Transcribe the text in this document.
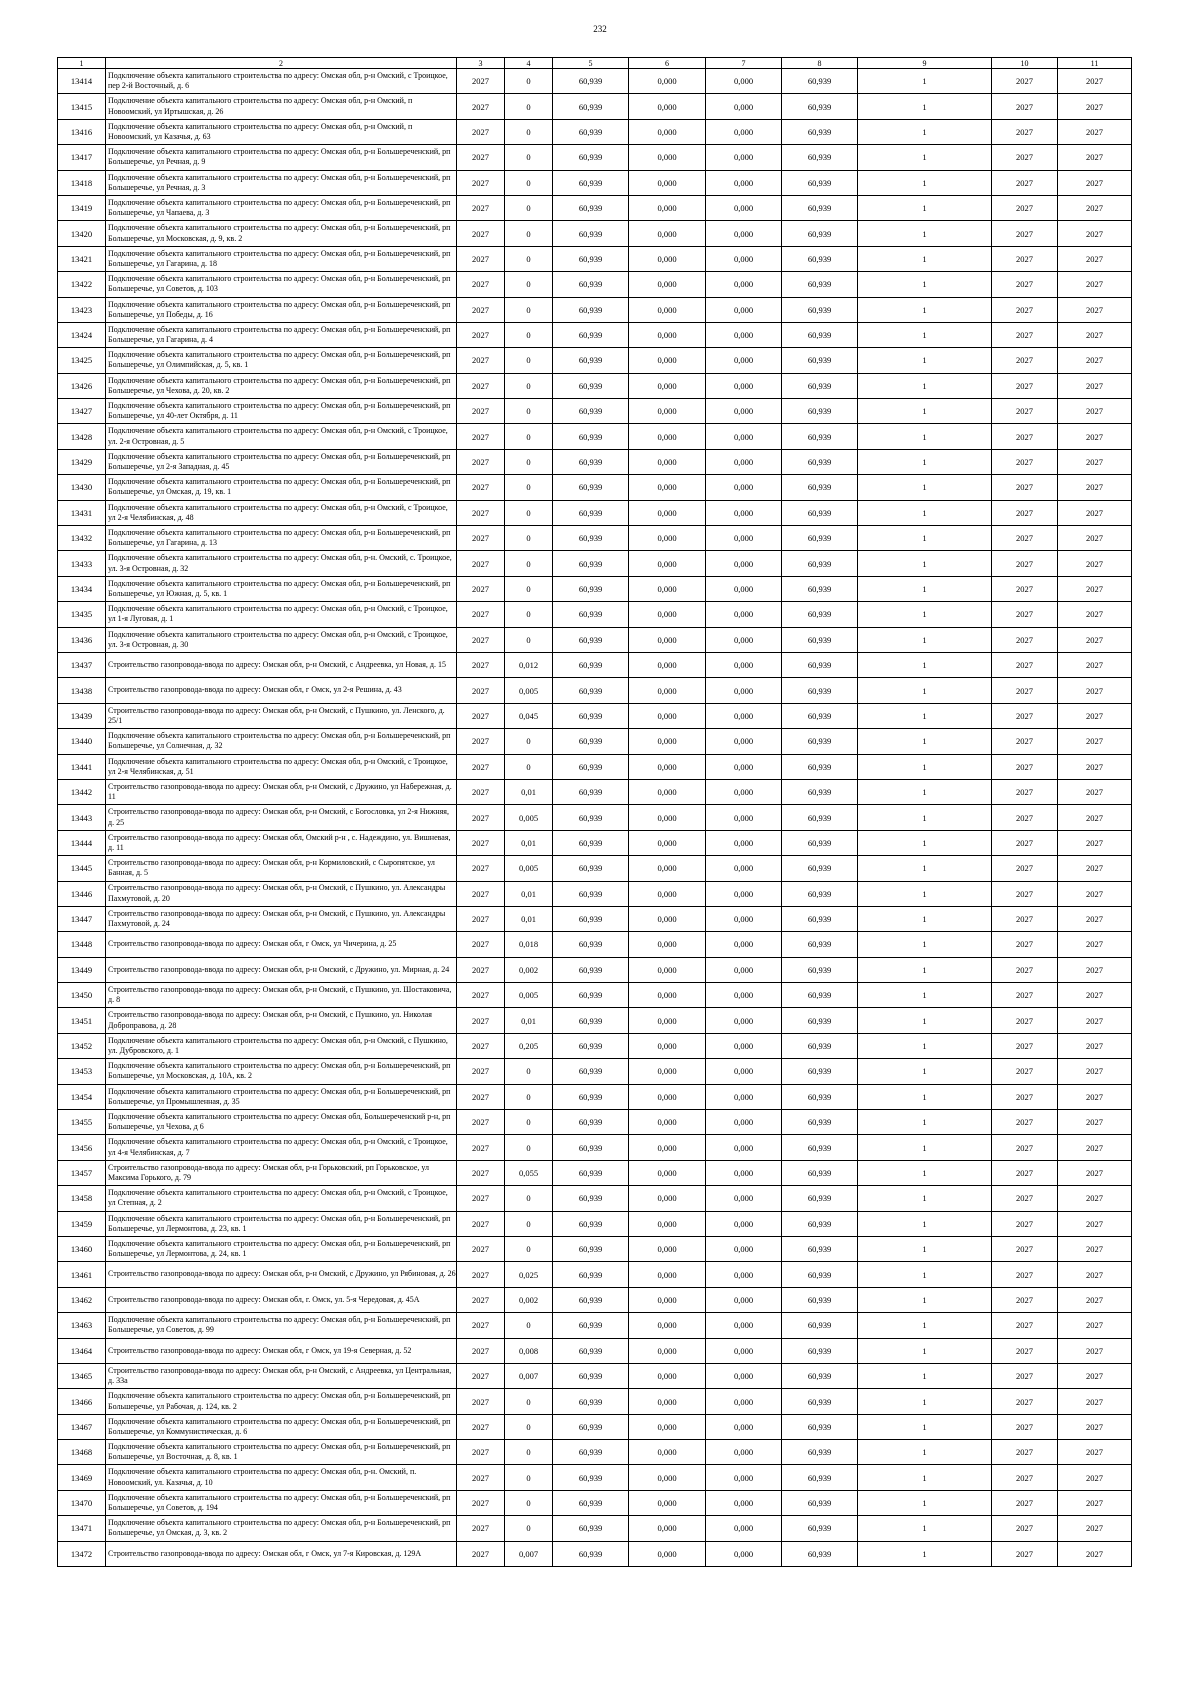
232
1	2	3	4	5	6	7	8	9	10	11
13414	Подключение объекта капитального строительства по адресу: Омская обл, р-н Омский, с Троицкое, пер 2-й Восточный, д. 6	2027	0	60,939	0,000	0,000	60,939	1	2027	2027
13415	Подключение объекта капитального строительства по адресу: Омская обл, р-н Омский, п Новоомский, ул Иртышская, д. 26	2027	0	60,939	0,000	0,000	60,939	1	2027	2027
13416	Подключение объекта капитального строительства по адресу: Омская обл, р-н Омский, п Новоомский, ул Казачья, д. 63	2027	0	60,939	0,000	0,000	60,939	1	2027	2027
13417	Подключение объекта капитального строительства по адресу: Омская обл, р-н Большереченский, рп Большеречье, ул Речная, д. 9	2027	0	60,939	0,000	0,000	60,939	1	2027	2027
13418	Подключение объекта капитального строительства по адресу: Омская обл, р-н Большереченский, рп Большеречье, ул Речная, д. 3	2027	0	60,939	0,000	0,000	60,939	1	2027	2027
13419	Подключение объекта капитального строительства по адресу: Омская обл, р-н Большереченский, рп Большеречье, ул Чапаева, д. 3	2027	0	60,939	0,000	0,000	60,939	1	2027	2027
13420	Подключение объекта капитального строительства по адресу: Омская обл, р-н Большереченский, рп Большеречье, ул Московская, д. 9, кв. 2	2027	0	60,939	0,000	0,000	60,939	1	2027	2027
13421	Подключение объекта капитального строительства по адресу: Омская обл, р-н Большереченский, рп Большеречье, ул Гагарина, д. 18	2027	0	60,939	0,000	0,000	60,939	1	2027	2027
13422	Подключение объекта капитального строительства по адресу: Омская обл, р-н Большереченский, рп Большеречье, ул Советов, д. 103	2027	0	60,939	0,000	0,000	60,939	1	2027	2027
13423	Подключение объекта капитального строительства по адресу: Омская обл, р-н Большереченский, рп Большеречье, ул Победы, д. 16	2027	0	60,939	0,000	0,000	60,939	1	2027	2027
13424	Подключение объекта капитального строительства по адресу: Омская обл, р-н Большереченский, рп Большеречье, ул Гагарина, д. 4	2027	0	60,939	0,000	0,000	60,939	1	2027	2027
13425	Подключение объекта капитального строительства по адресу: Омская обл, р-н Большереченский, рп Большеречье, ул Олимпийская, д. 5, кв. 1	2027	0	60,939	0,000	0,000	60,939	1	2027	2027
13426	Подключение объекта капитального строительства по адресу: Омская обл, р-н Большереченский, рп Большеречье, ул Чехова, д. 20, кв. 2	2027	0	60,939	0,000	0,000	60,939	1	2027	2027
13427	Подключение объекта капитального строительства по адресу: Омская обл, р-н Большереченский, рп Большеречье, ул 40-лет Октября, д. 11	2027	0	60,939	0,000	0,000	60,939	1	2027	2027
13428	Подключение объекта капитального строительства по адресу: Омская обл, р-н Омский, с Троицкое, ул. 2-я Островная, д. 5	2027	0	60,939	0,000	0,000	60,939	1	2027	2027
13429	Подключение объекта капитального строительства по адресу: Омская обл, р-н Большереченский, рп Большеречье, ул 2-я Западная, д. 45	2027	0	60,939	0,000	0,000	60,939	1	2027	2027
13430	Подключение объекта капитального строительства по адресу: Омская обл, р-н Большереченский, рп Большеречье, ул Омская, д. 19, кв. 1	2027	0	60,939	0,000	0,000	60,939	1	2027	2027
13431	Подключение объекта капитального строительства по адресу: Омская обл, р-н Омский, с Троицкое, ул 2-я Челябинская, д. 48	2027	0	60,939	0,000	0,000	60,939	1	2027	2027
13432	Подключение объекта капитального строительства по адресу: Омская обл, р-н Большереченский, рп Большеречье, ул Гагарина, д. 13	2027	0	60,939	0,000	0,000	60,939	1	2027	2027
13433	Подключение объекта капитального строительства по адресу: Омская обл, р-н. Омский, с. Троицкое, ул. 3-я Островная, д. 32	2027	0	60,939	0,000	0,000	60,939	1	2027	2027
13434	Подключение объекта капитального строительства по адресу: Омская обл, р-н Большереченский, рп Большеречье, ул Южная, д. 5, кв. 1	2027	0	60,939	0,000	0,000	60,939	1	2027	2027
13435	Подключение объекта капитального строительства по адресу: Омская обл, р-н Омский, с Троицкое, ул 1-я Луговая, д. 1	2027	0	60,939	0,000	0,000	60,939	1	2027	2027
13436	Подключение объекта капитального строительства по адресу: Омская обл, р-н Омский, с Троицкое, ул. 3-я Островная, д. 30	2027	0	60,939	0,000	0,000	60,939	1	2027	2027
13437	Строительство газопровода-ввода по адресу: Омская обл, р-н Омский, с Андреевка, ул Новая, д. 15	2027	0,012	60,939	0,000	0,000	60,939	1	2027	2027
13438	Строительство газопровода-ввода по адресу: Омская обл, г Омск, ул 2-я Решина, д. 43	2027	0,005	60,939	0,000	0,000	60,939	1	2027	2027
13439	Строительство газопровода-ввода по адресу: Омская обл, р-н Омский, с Пушкино, ул. Ленского, д. 25/1	2027	0,045	60,939	0,000	0,000	60,939	1	2027	2027
13440	Подключение объекта капитального строительства по адресу: Омская обл, р-н Большереченский, рп Большеречье, ул Солнечная, д. 32	2027	0	60,939	0,000	0,000	60,939	1	2027	2027
13441	Подключение объекта капитального строительства по адресу: Омская обл, р-н Омский, с Троицкое, ул 2-я Челябинская, д. 51	2027	0	60,939	0,000	0,000	60,939	1	2027	2027
13442	Строительство газопровода-ввода по адресу: Омская обл, р-н Омский, с Дружино, ул Набережная, д. 11	2027	0,01	60,939	0,000	0,000	60,939	1	2027	2027
13443	Строительство газопровода-ввода по адресу: Омская обл, р-н Омский, с Богословка, ул 2-я Нижняя, д. 25	2027	0,005	60,939	0,000	0,000	60,939	1	2027	2027
13444	Строительство газопровода-ввода по адресу: Омская обл, Омский р-н , с. Надеждино, ул. Вишневая, д. 11	2027	0,01	60,939	0,000	0,000	60,939	1	2027	2027
13445	Строительство газопровода-ввода по адресу: Омская обл, р-н Кормиловский, с Сыропятское, ул Банная, д. 5	2027	0,005	60,939	0,000	0,000	60,939	1	2027	2027
13446	Строительство газопровода-ввода по адресу: Омская обл, р-н Омский, с Пушкино, ул. Александры Пахмутовой, д. 20	2027	0,01	60,939	0,000	0,000	60,939	1	2027	2027
13447	Строительство газопровода-ввода по адресу: Омская обл, р-н Омский, с Пушкино, ул. Александры Пахмутовой, д. 24	2027	0,01	60,939	0,000	0,000	60,939	1	2027	2027
13448	Строительство газопровода-ввода по адресу: Омская обл, г Омск, ул Чичерина, д. 25	2027	0,018	60,939	0,000	0,000	60,939	1	2027	2027
13449	Строительство газопровода-ввода по адресу: Омская обл, р-н Омский, с Дружино, ул. Мирная, д. 24	2027	0,002	60,939	0,000	0,000	60,939	1	2027	2027
13450	Строительство газопровода-ввода по адресу: Омская обл, р-н Омский, с Пушкино, ул. Шостаковича, д. 8	2027	0,005	60,939	0,000	0,000	60,939	1	2027	2027
13451	Строительство газопровода-ввода по адресу: Омская обл, р-н Омский, с Пушкино, ул. Николая Доброправова, д. 28	2027	0,01	60,939	0,000	0,000	60,939	1	2027	2027
13452	Подключение объекта капитального строительства по адресу: Омская обл, р-н Омский, с Пушкино, ул. Дубровского, д. 1	2027	0,205	60,939	0,000	0,000	60,939	1	2027	2027
13453	Подключение объекта капитального строительства по адресу: Омская обл, р-н Большереченский, рп Большеречье, ул Московская, д. 10А, кв. 2	2027	0	60,939	0,000	0,000	60,939	1	2027	2027
13454	Подключение объекта капитального строительства по адресу: Омская обл, р-н Большереченский, рп Большеречье, ул Промышленная, д. 35	2027	0	60,939	0,000	0,000	60,939	1	2027	2027
13455	Подключение объекта капитального строительства по адресу: Омская обл, Большереченский р-н, рп Большеречье, ул Чехова, д 6	2027	0	60,939	0,000	0,000	60,939	1	2027	2027
13456	Подключение объекта капитального строительства по адресу: Омская обл, р-н Омский, с Троицкое, ул 4-я Челябинская, д. 7	2027	0	60,939	0,000	0,000	60,939	1	2027	2027
13457	Строительство газопровода-ввода по адресу: Омская обл, р-н Горьковский, рп Горьковское, ул Максима Горького, д. 79	2027	0,055	60,939	0,000	0,000	60,939	1	2027	2027
13458	Подключение объекта капитального строительства по адресу: Омская обл, р-н Омский, с Троицкое, ул Степная, д. 2	2027	0	60,939	0,000	0,000	60,939	1	2027	2027
13459	Подключение объекта капитального строительства по адресу: Омская обл, р-н Большереченский, рп Большеречье, ул Лермонтова, д. 23, кв. 1	2027	0	60,939	0,000	0,000	60,939	1	2027	2027
13460	Подключение объекта капитального строительства по адресу: Омская обл, р-н Большереченский, рп Большеречье, ул Лермонтова, д. 24, кв. 1	2027	0	60,939	0,000	0,000	60,939	1	2027	2027
13461	Строительство газопровода-ввода по адресу: Омская обл, р-н Омский, с Дружино, ул Рябиновая, д. 26	2027	0,025	60,939	0,000	0,000	60,939	1	2027	2027
13462	Строительство газопровода-ввода по адресу: Омская обл, г. Омск, ул. 5-я Чередовая, д. 45А	2027	0,002	60,939	0,000	0,000	60,939	1	2027	2027
13463	Подключение объекта капитального строительства по адресу: Омская обл, р-н Большереченский, рп Большеречье, ул Советов, д. 99	2027	0	60,939	0,000	0,000	60,939	1	2027	2027
13464	Строительство газопровода-ввода по адресу: Омская обл, г Омск, ул 19-я Северная, д. 52	2027	0,008	60,939	0,000	0,000	60,939	1	2027	2027
13465	Строительство газопровода-ввода по адресу: Омская обл, р-н Омский, с Андреевка, ул Центральная, д. 33а	2027	0,007	60,939	0,000	0,000	60,939	1	2027	2027
13466	Подключение объекта капитального строительства по адресу: Омская обл, р-н Большереченский, рп Большеречье, ул Рабочая, д. 124, кв. 2	2027	0	60,939	0,000	0,000	60,939	1	2027	2027
13467	Подключение объекта капитального строительства по адресу: Омская обл, р-н Большереченский, рп Большеречье, ул Коммунистическая, д. 6	2027	0	60,939	0,000	0,000	60,939	1	2027	2027
13468	Подключение объекта капитального строительства по адресу: Омская обл, р-н Большереченский, рп Большеречье, ул Восточная, д. 8, кв. 1	2027	0	60,939	0,000	0,000	60,939	1	2027	2027
13469	Подключение объекта капитального строительства по адресу: Омская обл, р-н. Омский, п. Новоомский, ул. Казачья, д. 10	2027	0	60,939	0,000	0,000	60,939	1	2027	2027
13470	Подключение объекта капитального строительства по адресу: Омская обл, р-н Большереченский, рп Большеречье, ул Советов, д. 194	2027	0	60,939	0,000	0,000	60,939	1	2027	2027
13471	Подключение объекта капитального строительства по адресу: Омская обл, р-н Большереченский, рп Большеречье, ул Омская, д. 3, кв. 2	2027	0	60,939	0,000	0,000	60,939	1	2027	2027
13472	Строительство газопровода-ввода по адресу: Омская обл, г Омск, ул 7-я Кировская, д. 129А	2027	0,007	60,939	0,000	0,000	60,939	1	2027	2027
